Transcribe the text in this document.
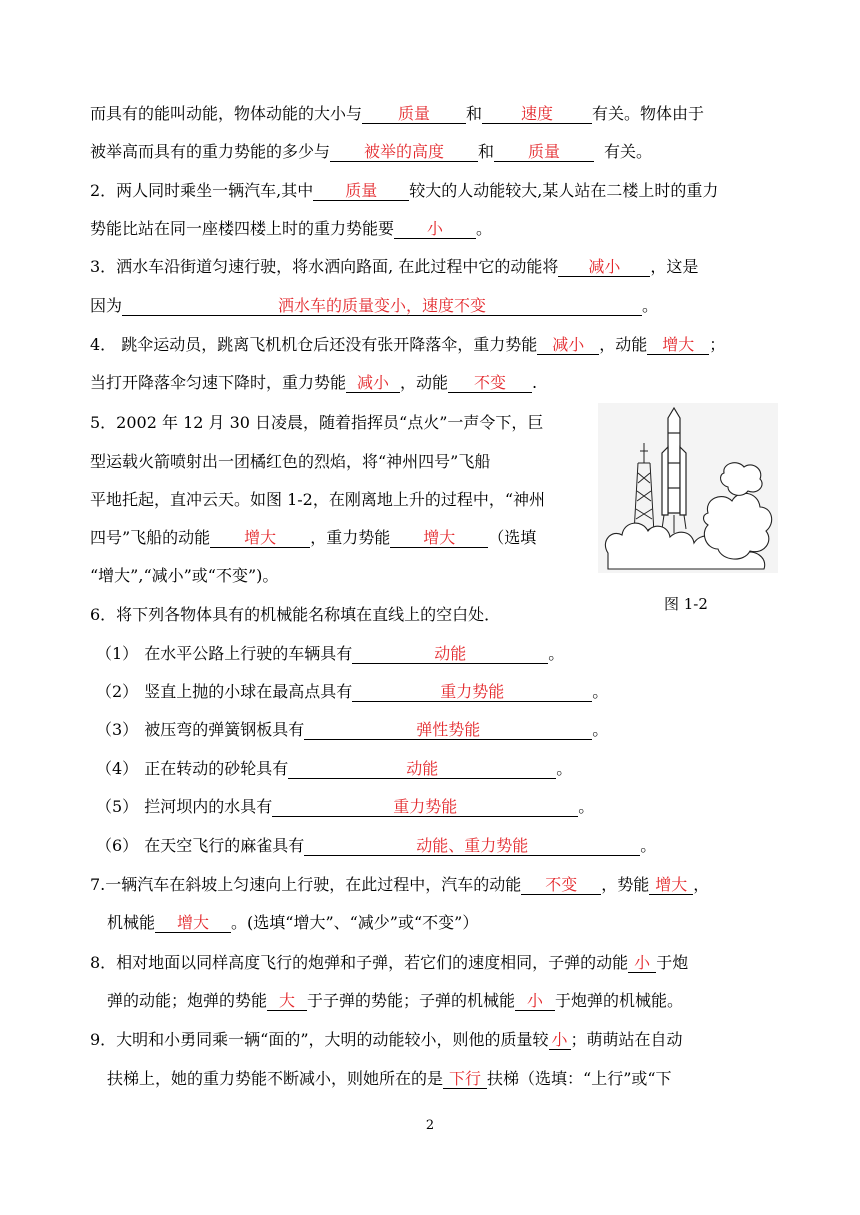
而具有的能叫动能，物体动能的大小与 质量 和 速度 有关。物体由于
被举高而具有的重力势能的多少与 被举的高度 和 质量	有关。
2．两人同时乘坐一辆汽车,其中 质量 较大的人动能较大,某人站在二楼上时的重力
势能比站在同一座楼四楼上时的重力势能要 小 。
3．洒水车沿街道匀速行驶，将水洒向路面, 在此过程中它的动能将 减小 ，这是
因为	洒水车的质量变小，速度不变	。
4． 跳伞运动员，跳离飞机机仓后还没有张开降落伞，重力势能 减小 ，动能 增大 ；
当打开降落伞匀速下降时，重力势能 减小 ，动能 不变 .
5．2002 年 12 月 30 日凌晨，随着指挥员“点火”一声令下，巨
型运载火箭喷射出一团橘红色的烈焰，将“神州四号”飞船
平地托起，直冲云天。如图 1-2，在刚离地上升的过程中，“神州
四号”飞船的动能 增大 ，重力势能 增大 （选填
“增大”,“减小”或“不变”)。
图 1-2
6．将下列各物体具有的机械能名称填在直线上的空白处．
（1） 在水平公路上行驶的车辆具有	动能	。
（2） 竖直上抛的小球在最高点具有	重力势能	。
（3） 被压弯的弹簧钢板具有	弹性势能	。
（4） 正在转动的砂轮具有	动能	。
（5） 拦河坝内的水具有	重力势能	。
（6） 在天空飞行的麻雀具有	动能、重力势能	。
7.一辆汽车在斜坡上匀速向上行驶，在此过程中，汽车的动能 不变 ，势能 增大 ，
机械能 增大 。(选填“增大”、“减少”或“不变”）
8．相对地面以同样高度飞行的炮弹和子弹，若它们的速度相同，子弹的动能 小 于炮
弹的动能；炮弹的势能 大 于子弹的势能；子弹的机械能 小 于炮弹的机械能。
9．大明和小勇同乘一辆“面的”，大明的动能较小，则他的质量较 小 ；萌萌站在自动
扶梯上，她的重力势能不断减小，则她所在的是 下行 扶梯（选填：“上行”或“下
2
